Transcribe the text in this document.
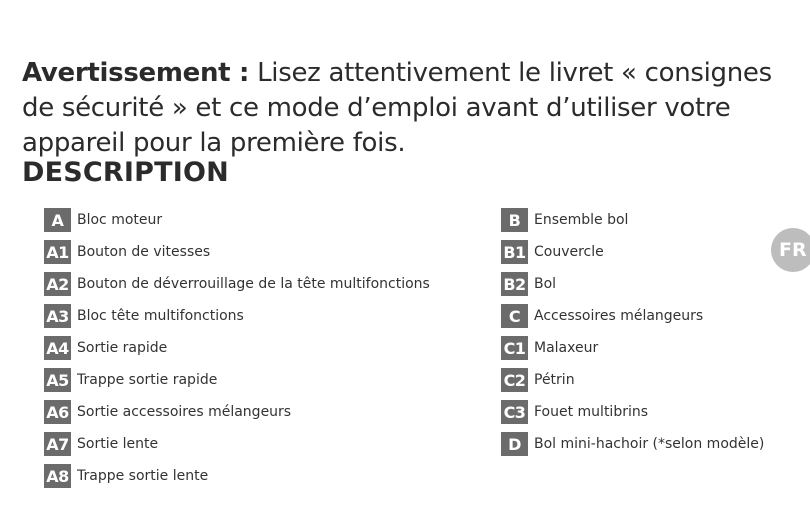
Avertissement : Lisez attentivement le livret « consignes de sécurité » et ce mode d’emploi avant d’utiliser votre appareil pour la première fois.

DESCRIPTION
A Bloc moteur
A1 Bouton de vitesses
A2 Bouton de déverrouillage de la tête multifonctions
A3 Bloc tête multifonctions
A4 Sortie rapide
A5 Trappe sortie rapide
A6 Sortie accessoires mélangeurs
A7 Sortie lente
A8 Trappe sortie lente
B Ensemble bol
B1 Couvercle
B2 Bol
C Accessoires mélangeurs
C1 Malaxeur
C2 Pétrin
C3 Fouet multibrins
D Bol mini-hachoir (*selon modèle)
FR
